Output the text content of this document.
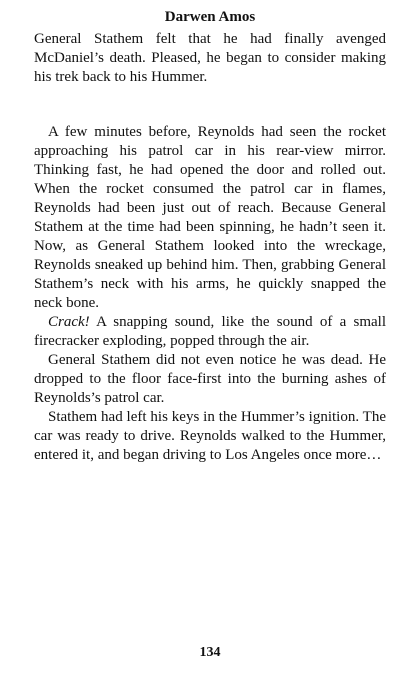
Darwen Amos

General Stathem felt that he had finally avenged McDaniel’s death. Pleased, he began to consider making his trek back to his Hummer.

A few minutes before, Reynolds had seen the rocket approaching his patrol car in his rear-view mirror. Thinking fast, he had opened the door and rolled out. When the rocket consumed the patrol car in flames, Reynolds had been just out of reach. Because General Stathem at the time had been spinning, he hadn’t seen it. Now, as General Stathem looked into the wreckage, Reynolds sneaked up behind him. Then, grabbing General Stathem’s neck with his arms, he quickly snapped the neck bone.

Crack! A snapping sound, like the sound of a small firecracker exploding, popped through the air.

General Stathem did not even notice he was dead. He dropped to the floor face-first into the burning ashes of Reynolds’s patrol car.

Stathem had left his keys in the Hummer’s ignition. The car was ready to drive. Reynolds walked to the Hummer, entered it, and began driving to Los Angeles once more…

134
